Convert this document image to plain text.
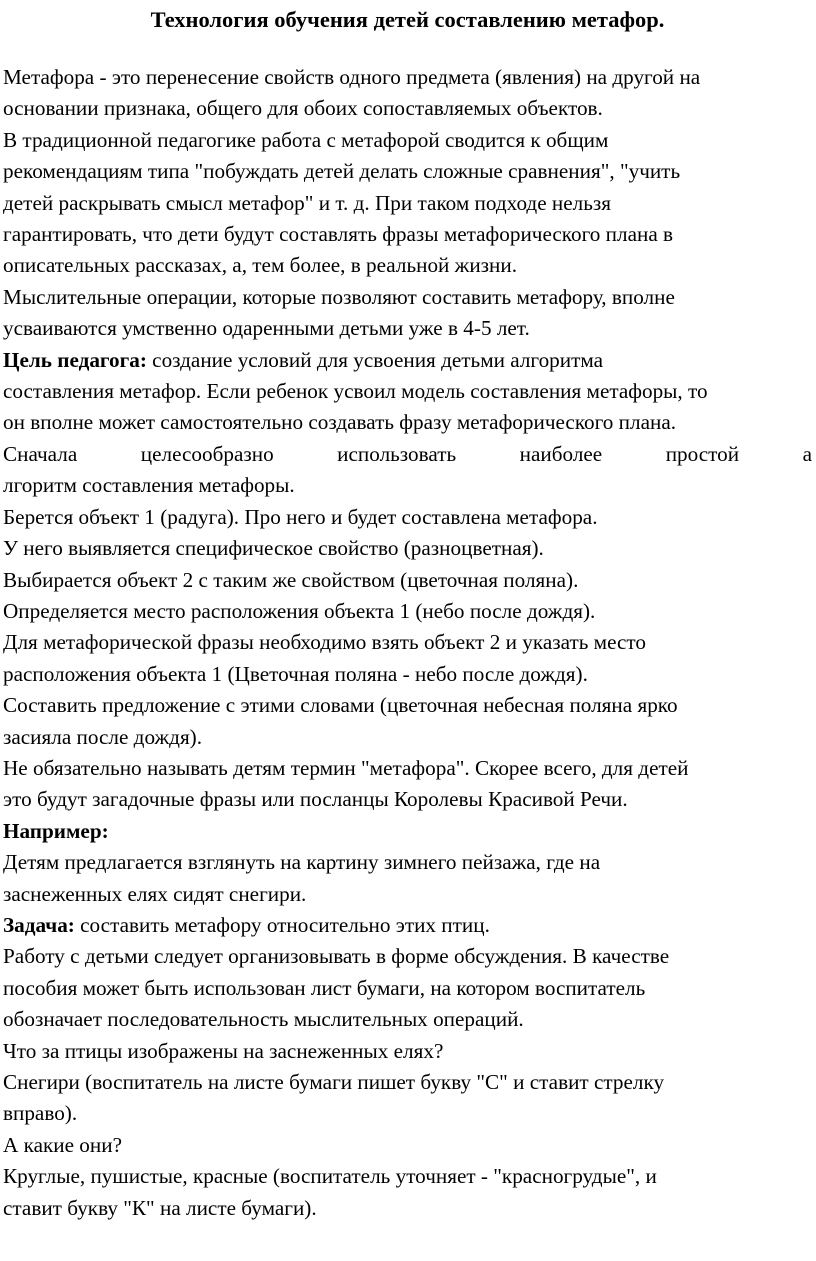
Технология обучения детей составлению метафор.
Метафора - это перенесение свойств одного предмета (явления) на другой на
основании признака, общего для обоих сопоставляемых объектов.
В традиционной педагогике работа с метафорой сводится к общим
рекомендациям типа "побуждать детей делать сложные сравнения", "учить
детей раскрывать смысл метафор" и т. д. При таком подходе нельзя
гарантировать, что дети будут составлять фразы метафорического плана в
описательных рассказах, а, тем более, в реальной жизни.
Мыслительные операции, которые позволяют составить метафору, вполне
усваиваются умственно одаренными детьми уже в 4-5 лет.
Цель педагога: создание условий для усвоения детьми алгоритма
составления метафор. Если ребенок усвоил модель составления метафоры, то
он вполне может самостоятельно создавать фразу метафорического плана.
Сначала	целесообразно	использовать	наиболее	простой	а
лгоритм составления метафоры.
Берется объект 1 (радуга). Про него и будет составлена метафора.
У него выявляется специфическое свойство (разноцветная).
Выбирается объект 2 с таким же свойством (цветочная поляна).
Определяется место расположения объекта 1 (небо после дождя).
Для метафорической фразы необходимо взять объект 2 и указать место
расположения объекта 1 (Цветочная поляна - небо после дождя).
Составить предложение с этими словами (цветочная небесная поляна ярко
засияла после дождя).
Не обязательно называть детям термин "метафора". Скорее всего, для детей
это будут загадочные фразы или посланцы Королевы Красивой Речи.
Например:
Детям предлагается взглянуть на картину зимнего пейзажа, где на
заснеженных елях сидят снегири.
Задача: составить метафору относительно этих птиц.
Работу с детьми следует организовывать в форме обсуждения. В качестве
пособия может быть использован лист бумаги, на котором воспитатель
обозначает последовательность мыслительных операций.
Что за птицы изображены на заснеженных елях?
Снегири (воспитатель на листе бумаги пишет букву "С" и ставит стрелку
вправо).
А какие они?
Круглые, пушистые, красные (воспитатель уточняет - "красногрудые", и
ставит букву "К" на листе бумаги).
